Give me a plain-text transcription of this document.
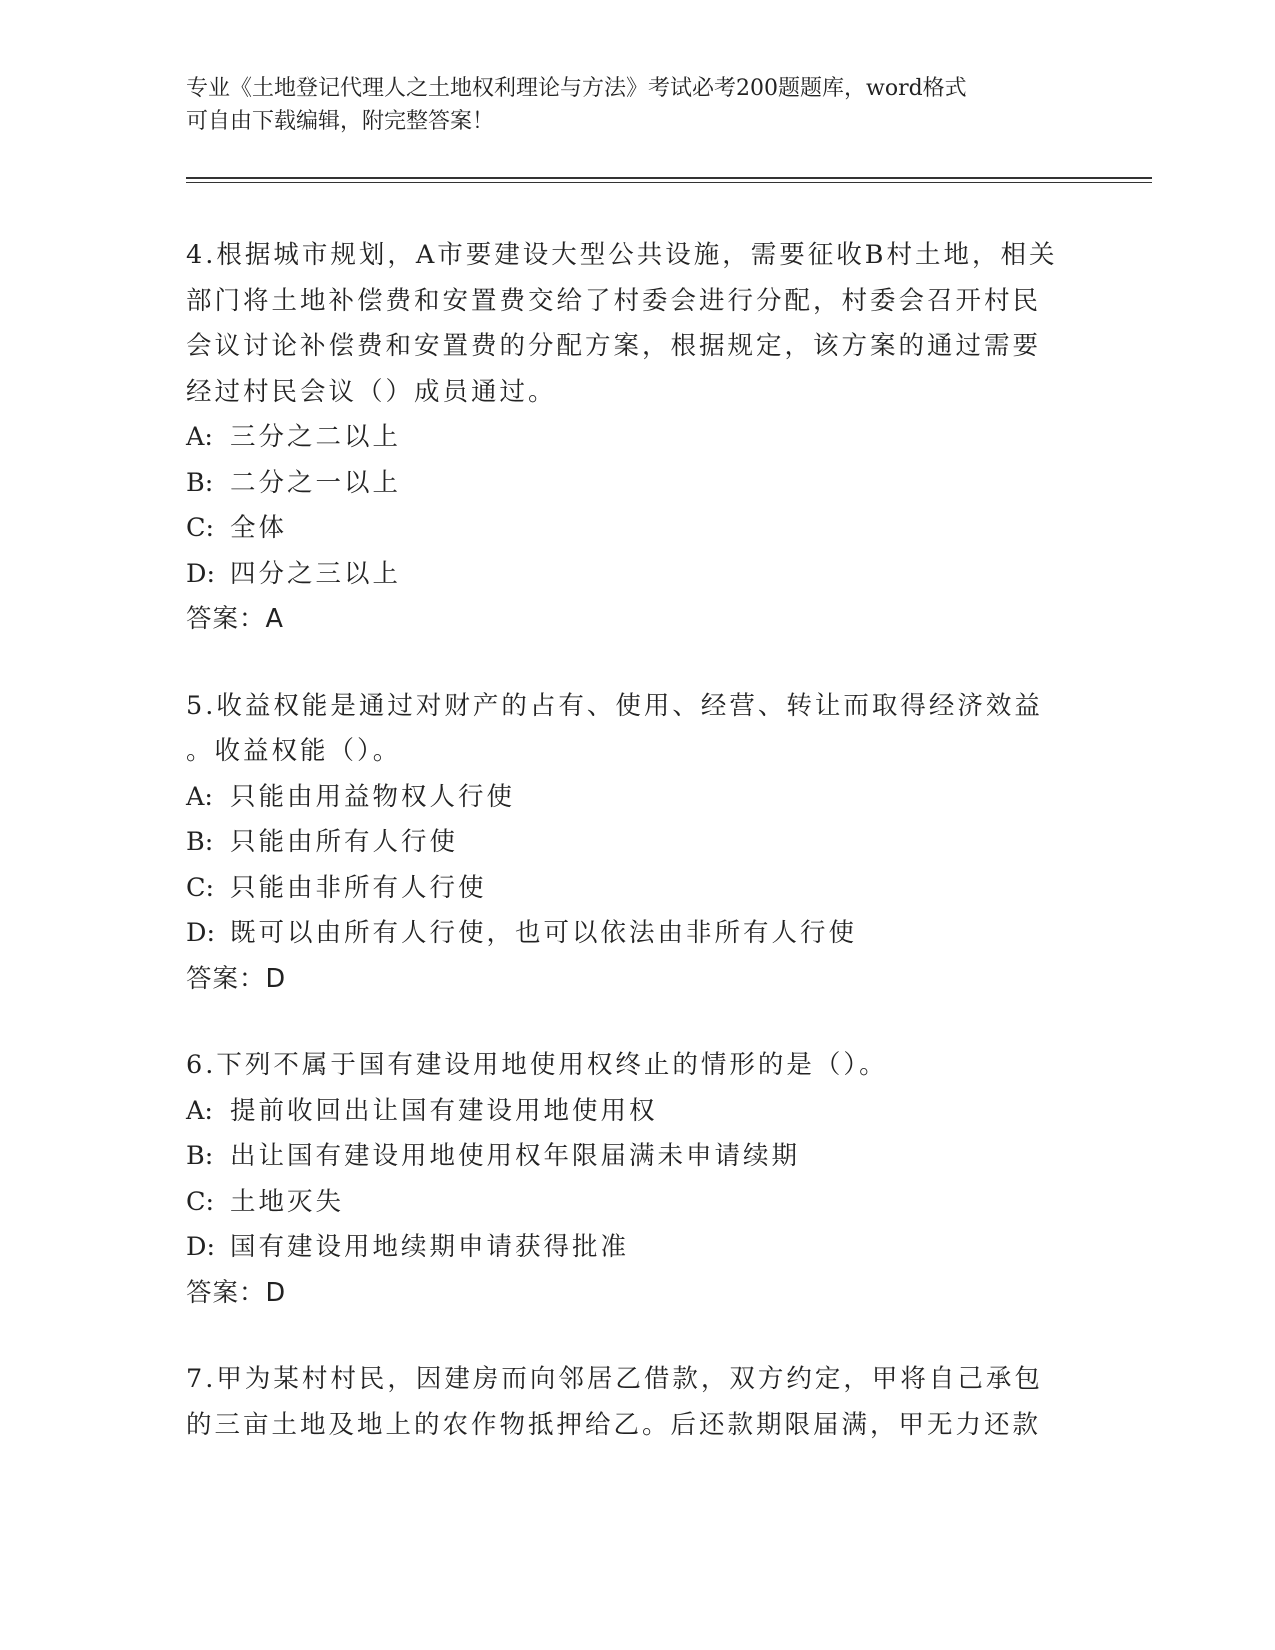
专业《土地登记代理人之土地权利理论与方法》考试必考200题题库，word格式
可自由下载编辑，附完整答案！
4.根据城市规划，A市要建设大型公共设施，需要征收B村土地，相关
部门将土地补偿费和安置费交给了村委会进行分配，村委会召开村民
会议讨论补偿费和安置费的分配方案，根据规定，该方案的通过需要
经过村民会议（）成员通过。
A: 三分之二以上
B: 二分之一以上
C: 全体
D: 四分之三以上
答案：A
5.收益权能是通过对财产的占有、使用、经营、转让而取得经济效益
。收益权能（）。
A: 只能由用益物权人行使
B: 只能由所有人行使
C: 只能由非所有人行使
D: 既可以由所有人行使，也可以依法由非所有人行使
答案：D
6.下列不属于国有建设用地使用权终止的情形的是（）。
A: 提前收回出让国有建设用地使用权
B: 出让国有建设用地使用权年限届满未申请续期
C: 土地灭失
D: 国有建设用地续期申请获得批准
答案：D
7.甲为某村村民，因建房而向邻居乙借款，双方约定，甲将自己承包
的三亩土地及地上的农作物抵押给乙。后还款期限届满，甲无力还款
